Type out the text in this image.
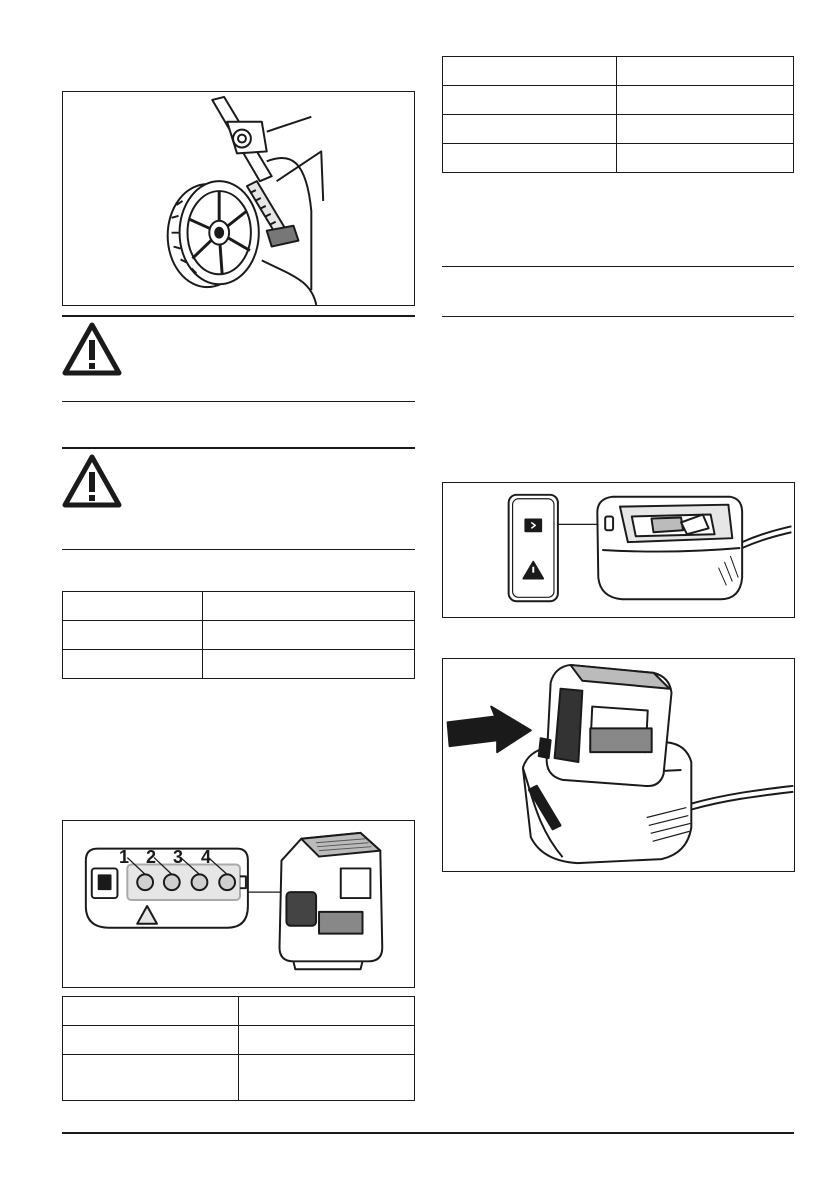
1 2 3 4
